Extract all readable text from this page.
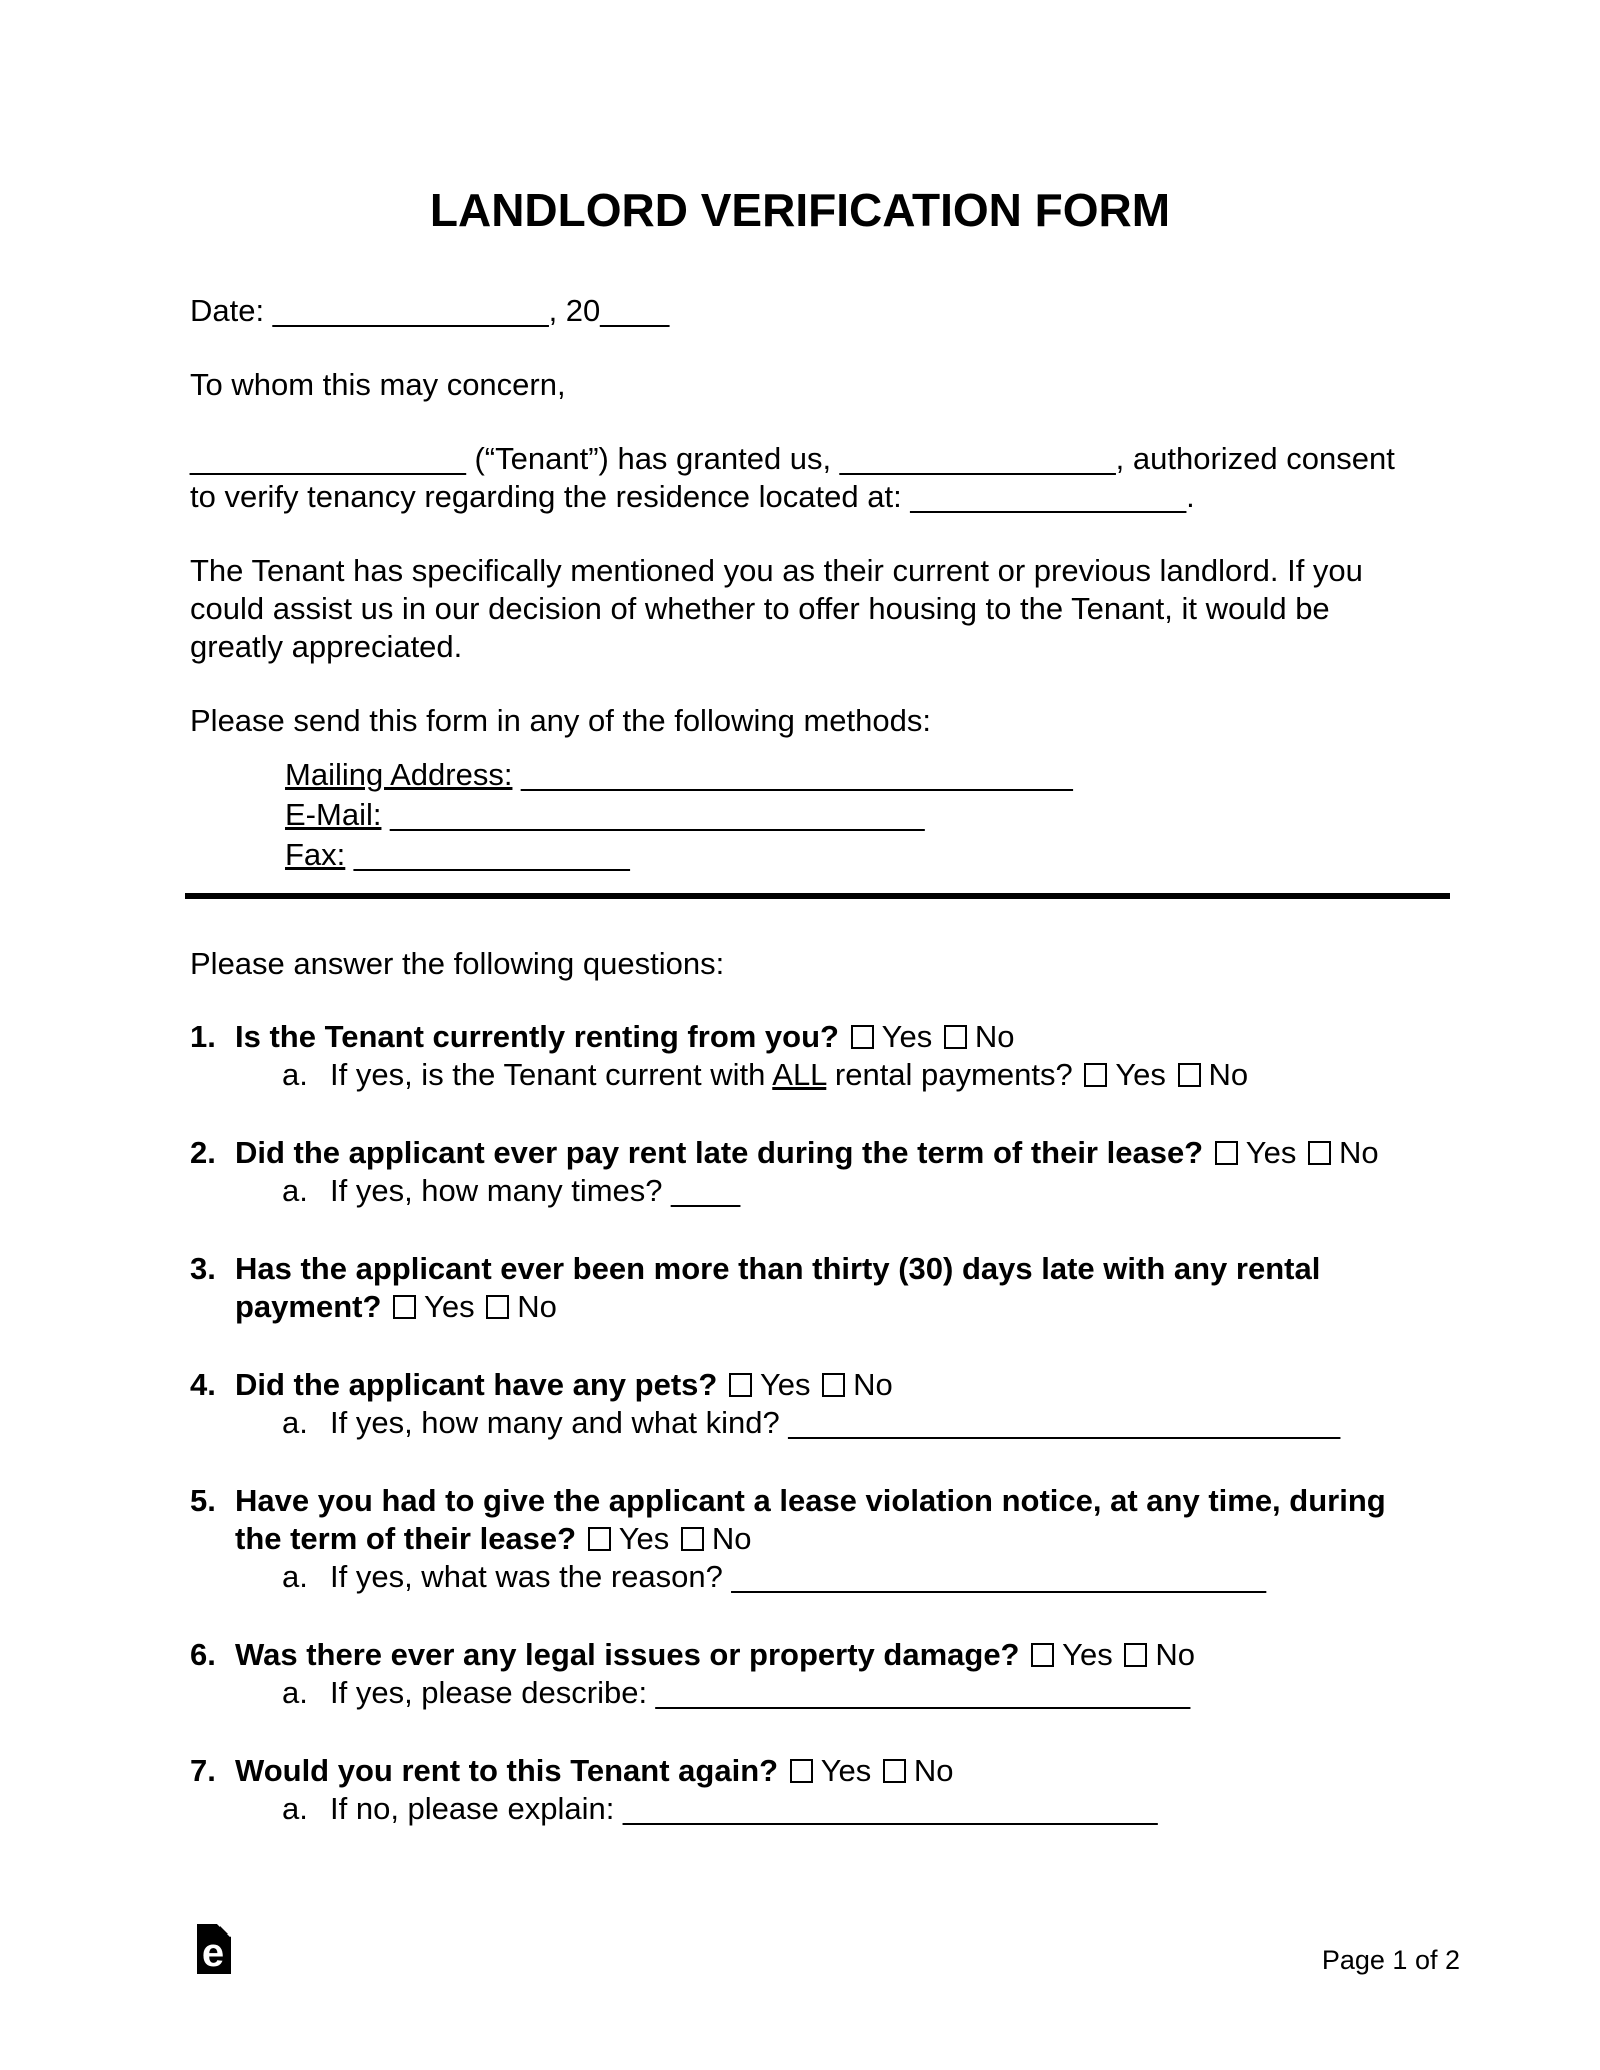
LANDLORD VERIFICATION FORM
Date: ________________, 20____
To whom this may concern,
________________ (“Tenant”) has granted us, ________________, authorized consent
to verify tenancy regarding the residence located at: ________________.
The Tenant has specifically mentioned you as their current or previous landlord. If you
could assist us in our decision of whether to offer housing to the Tenant, it would be
greatly appreciated.
Please send this form in any of the following methods:
Mailing Address: ________________________________
E-Mail: _______________________________
Fax: ________________
Please answer the following questions:
1. Is the Tenant currently renting from you? Yes No
a. If yes, is the Tenant current with ALL rental payments? Yes No
2. Did the applicant ever pay rent late during the term of their lease? Yes No
a. If yes, how many times? ____
3. Has the applicant ever been more than thirty (30) days late with any rental
payment? Yes No
4. Did the applicant have any pets? Yes No
a. If yes, how many and what kind? ________________________________
5. Have you had to give the applicant a lease violation notice, at any time, during
the term of their lease? Yes No
a. If yes, what was the reason? _______________________________
6. Was there ever any legal issues or property damage? Yes No
a. If yes, please describe: _______________________________
7. Would you rent to this Tenant again? Yes No
a. If no, please explain: _______________________________
e	Page 1 of 2
